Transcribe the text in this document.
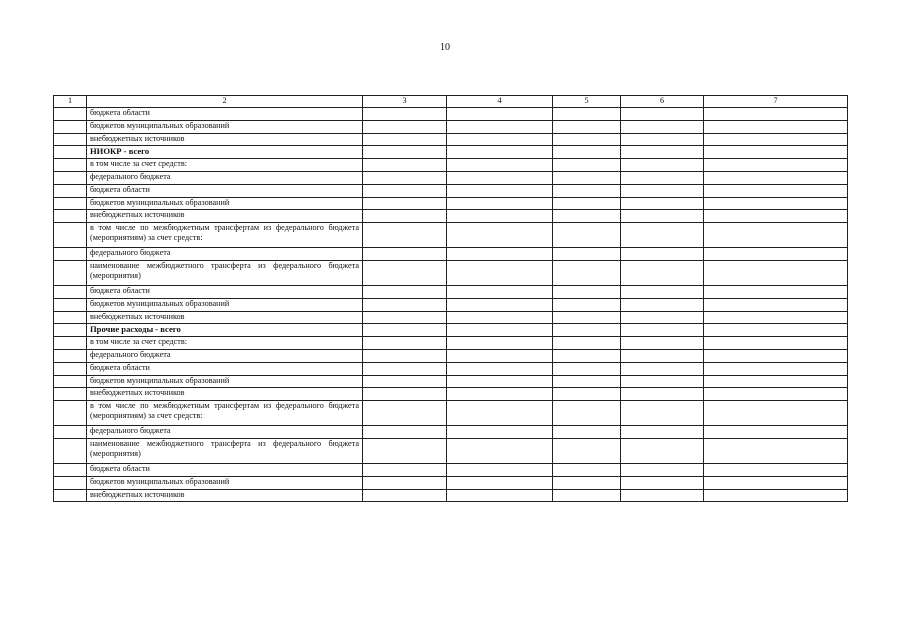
10
1	2	3	4	5	6	7
	бюджета области					
	бюджетов муниципальных образований					
	внебюджетных источников					
	НИОКР - всего					
	в том числе за счет средств:					
	федерального бюджета					
	бюджета области					
	бюджетов муниципальных образований					
	внебюджетных источников					
	в том числе по межбюджетным трансфертам из федерального бюджета (мероприятиям) за счет средств:					
	федерального бюджета					
	наименование межбюджетного трансферта из федерального бюджета (мероприятия)					
	бюджета области					
	бюджетов муниципальных образований					
	внебюджетных источников					
	Прочие расходы - всего					
	в том числе за счет средств:					
	федерального бюджета					
	бюджета области					
	бюджетов муниципальных образований					
	внебюджетных источников					
	в том числе по межбюджетным трансфертам из федерального бюджета (мероприятиям) за счет средств:					
	федерального бюджета					
	наименование межбюджетного трансферта из федерального бюджета (мероприятия)					
	бюджета области					
	бюджетов муниципальных образований					
	внебюджетных источников					
